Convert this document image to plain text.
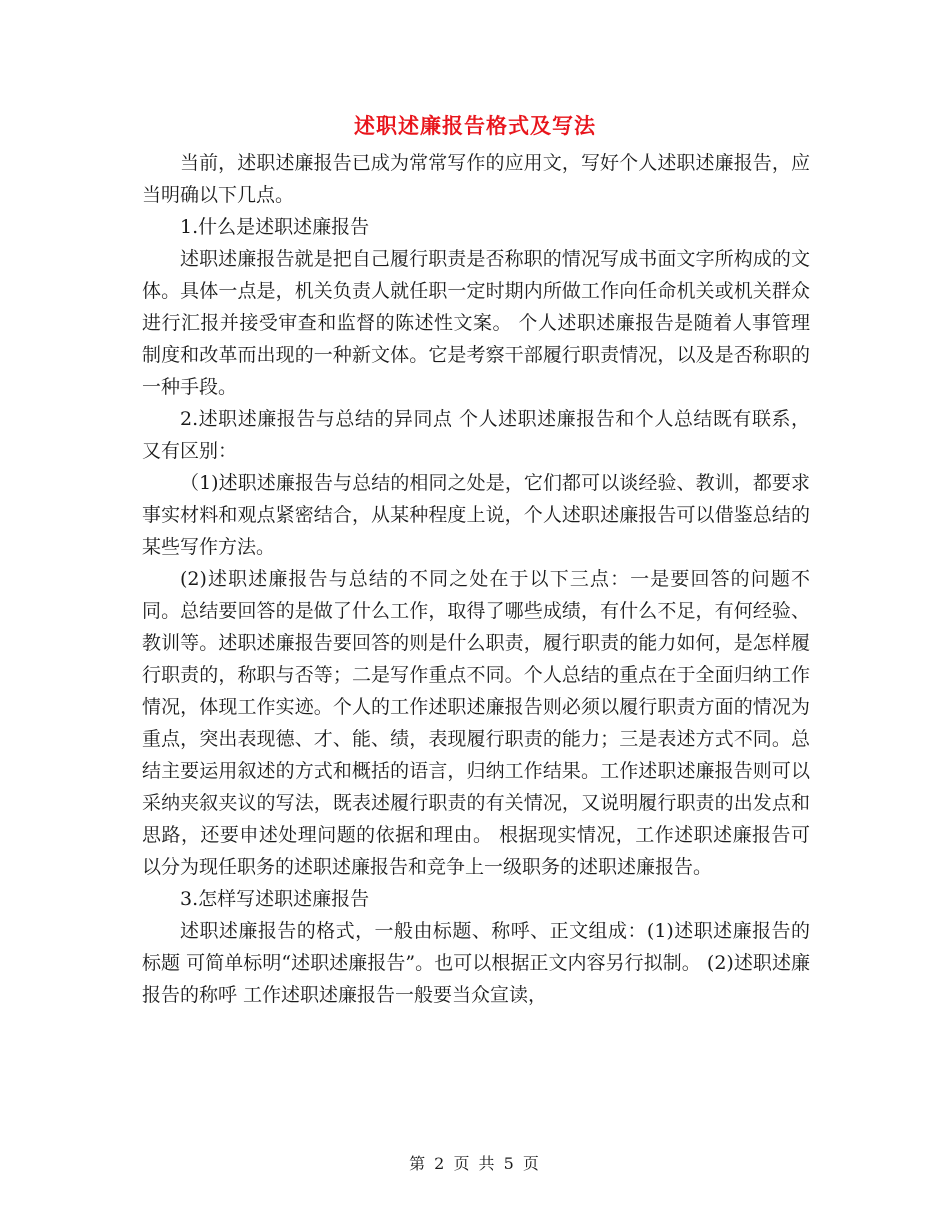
述职述廉报告格式及写法

当前，述职述廉报告已成为常常写作的应用文，写好个人述职述廉报告，应当明确以下几点。

1.什么是述职述廉报告

述职述廉报告就是把自己履行职责是否称职的情况写成书面文字所构成的文体。具体一点是，机关负责人就任职一定时期内所做工作向任命机关或机关群众进行汇报并接受审查和监督的陈述性文案。 个人述职述廉报告是随着人事管理制度和改革而出现的一种新文体。它是考察干部履行职责情况，以及是否称职的一种手段。

2.述职述廉报告与总结的异同点 个人述职述廉报告和个人总结既有联系，又有区别：

（1)述职述廉报告与总结的相同之处是，它们都可以谈经验、教训，都要求事实材料和观点紧密结合，从某种程度上说，个人述职述廉报告可以借鉴总结的某些写作方法。

(2)述职述廉报告与总结的不同之处在于以下三点：一是要回答的问题不同。总结要回答的是做了什么工作，取得了哪些成绩，有什么不足，有何经验、教训等。述职述廉报告要回答的则是什么职责，履行职责的能力如何，是怎样履行职责的，称职与否等；二是写作重点不同。个人总结的重点在于全面归纳工作情况，体现工作实迹。个人的工作述职述廉报告则必须以履行职责方面的情况为重点，突出表现德、才、能、绩，表现履行职责的能力；三是表述方式不同。总结主要运用叙述的方式和概括的语言，归纳工作结果。工作述职述廉报告则可以采纳夹叙夹议的写法，既表述履行职责的有关情况，又说明履行职责的出发点和思路，还要申述处理问题的依据和理由。 根据现实情况，工作述职述廉报告可以分为现任职务的述职述廉报告和竞争上一级职务的述职述廉报告。

3.怎样写述职述廉报告

述职述廉报告的格式，一般由标题、称呼、正文组成：(1)述职述廉报告的标题 可简单标明“述职述廉报告”。也可以根据正文内容另行拟制。 (2)述职述廉报告的称呼 工作述职述廉报告一般要当众宣读，

第 2 页 共 5 页
